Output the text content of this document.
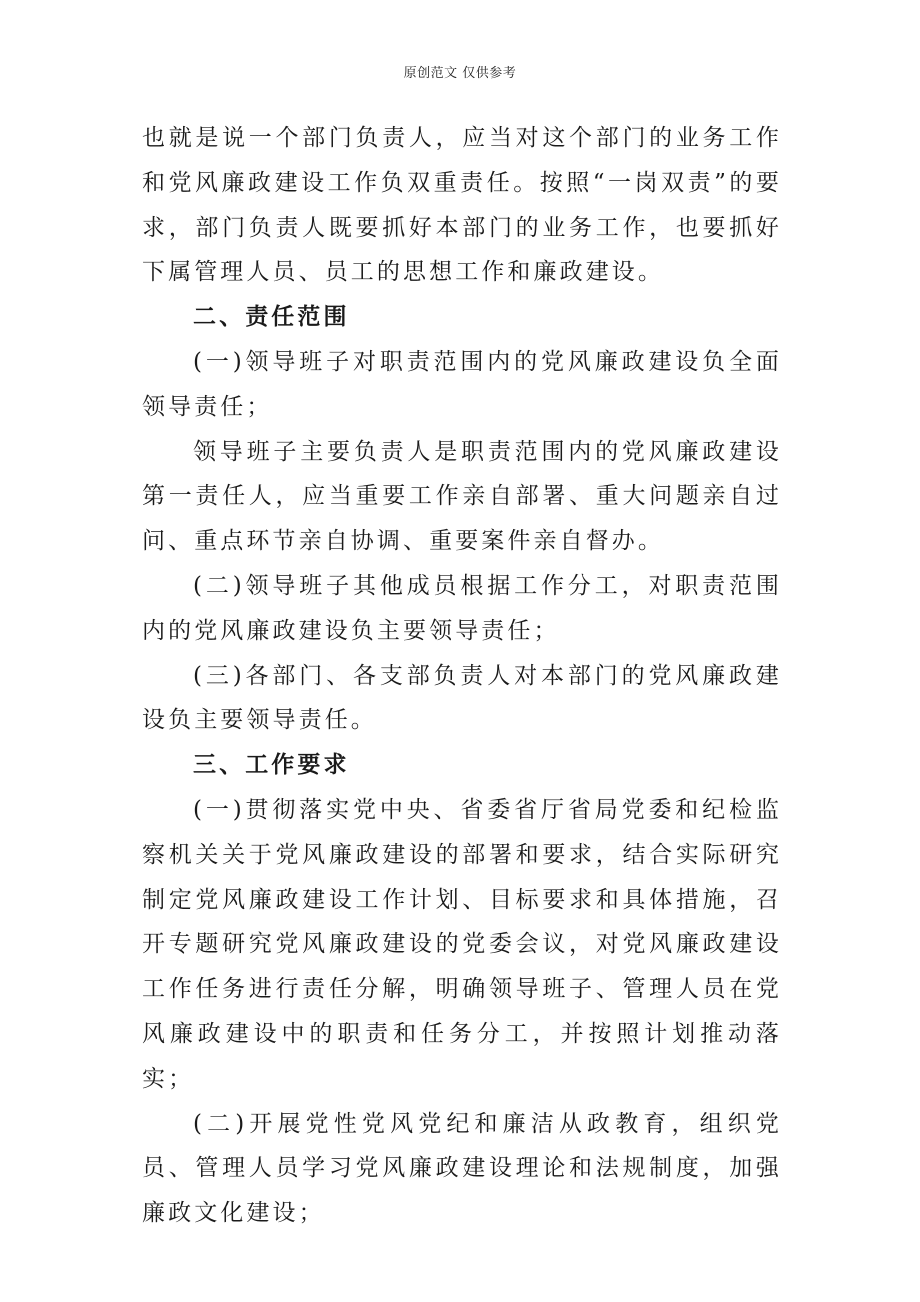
原创范文 仅供参考

也就是说一个部门负责人，应当对这个部门的业务工作和党风廉政建设工作负双重责任。按照“一岗双责”的要求，部门负责人既要抓好本部门的业务工作，也要抓好下属管理人员、员工的思想工作和廉政建设。

二、责任范围

(一)领导班子对职责范围内的党风廉政建设负全面领导责任；

领导班子主要负责人是职责范围内的党风廉政建设第一责任人，应当重要工作亲自部署、重大问题亲自过问、重点环节亲自协调、重要案件亲自督办。

(二)领导班子其他成员根据工作分工，对职责范围内的党风廉政建设负主要领导责任；

(三)各部门、各支部负责人对本部门的党风廉政建设负主要领导责任。

三、工作要求

(一)贯彻落实党中央、省委省厅省局党委和纪检监察机关关于党风廉政建设的部署和要求，结合实际研究制定党风廉政建设工作计划、目标要求和具体措施，召开专题研究党风廉政建设的党委会议，对党风廉政建设工作任务进行责任分解，明确领导班子、管理人员在党风廉政建设中的职责和任务分工，并按照计划推动落实；

(二)开展党性党风党纪和廉洁从政教育，组织党员、管理人员学习党风廉政建设理论和法规制度，加强廉政文化建设；
